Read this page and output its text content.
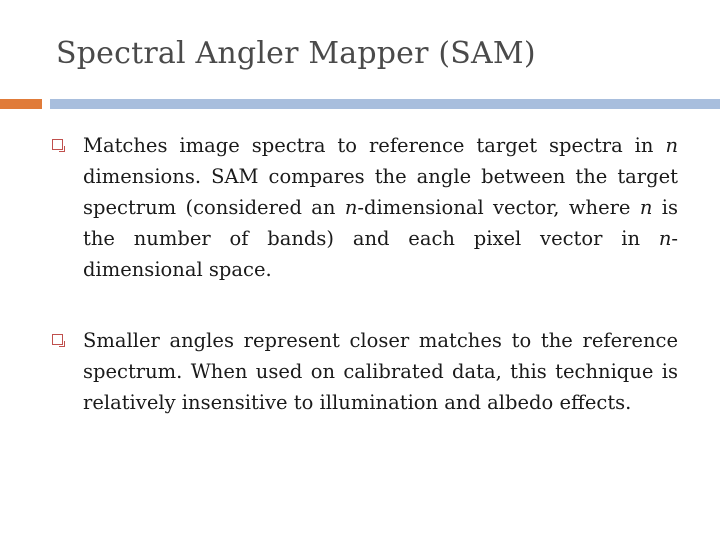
Spectral Angler Mapper (SAM)

Matches image spectra to reference target spectra in n dimensions. SAM compares the angle between the target spectrum (considered an n-dimensional vector, where n is the number of bands) and each pixel vector in n-dimensional space.

Smaller angles represent closer matches to the reference spectrum. When used on calibrated data, this technique is relatively insensitive to illumination and albedo effects.
